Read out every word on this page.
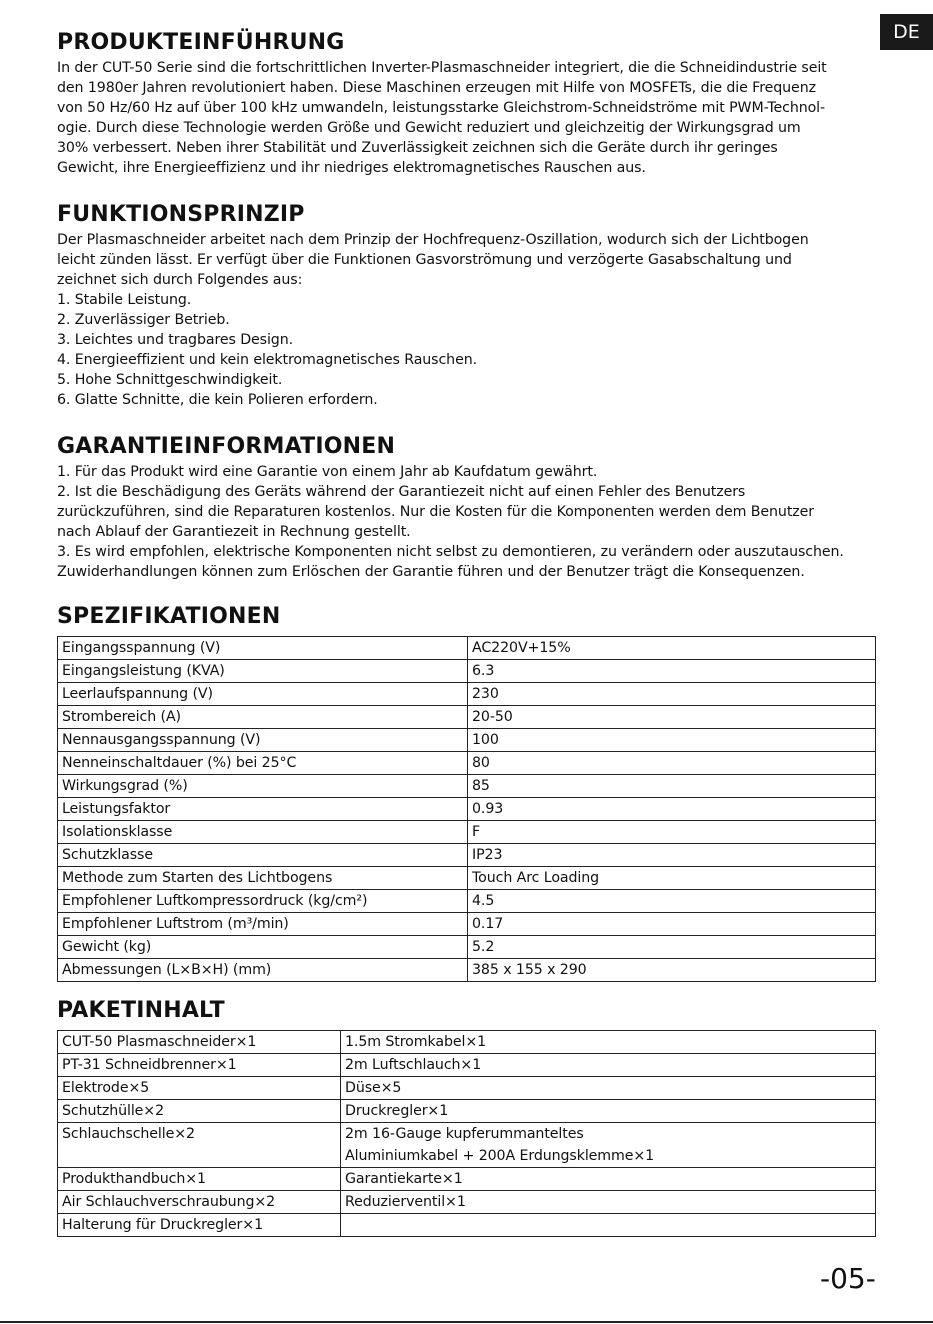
DE
PRODUKTEINFÜHRUNG
In der CUT-50 Serie sind die fortschrittlichen Inverter-Plasmaschneider integriert, die die Schneidindustrie seit
den 1980er Jahren revolutioniert haben. Diese Maschinen erzeugen mit Hilfe von MOSFETs, die die Frequenz
von 50 Hz/60 Hz auf über 100 kHz umwandeln, leistungsstarke Gleichstrom-Schneidströme mit PWM-Technol-
ogie. Durch diese Technologie werden Größe und Gewicht reduziert und gleichzeitig der Wirkungsgrad um
30% verbessert. Neben ihrer Stabilität und Zuverlässigkeit zeichnen sich die Geräte durch ihr geringes
Gewicht, ihre Energieeffizienz und ihr niedriges elektromagnetisches Rauschen aus.
FUNKTIONSPRINZIP
Der Plasmaschneider arbeitet nach dem Prinzip der Hochfrequenz-Oszillation, wodurch sich der Lichtbogen
leicht zünden lässt. Er verfügt über die Funktionen Gasvorströmung und verzögerte Gasabschaltung und
zeichnet sich durch Folgendes aus:
1. Stabile Leistung.
2. Zuverlässiger Betrieb.
3. Leichtes und tragbares Design.
4. Energieeffizient und kein elektromagnetisches Rauschen.
5. Hohe Schnittgeschwindigkeit.
6. Glatte Schnitte, die kein Polieren erfordern.
GARANTIEINFORMATIONEN
1. Für das Produkt wird eine Garantie von einem Jahr ab Kaufdatum gewährt.
2. Ist die Beschädigung des Geräts während der Garantiezeit nicht auf einen Fehler des Benutzers
zurückzuführen, sind die Reparaturen kostenlos. Nur die Kosten für die Komponenten werden dem Benutzer
nach Ablauf der Garantiezeit in Rechnung gestellt.
3. Es wird empfohlen, elektrische Komponenten nicht selbst zu demontieren, zu verändern oder auszutauschen.
Zuwiderhandlungen können zum Erlöschen der Garantie führen und der Benutzer trägt die Konsequenzen.
SPEZIFIKATIONEN
Eingangsspannung (V)	AC220V+15%
Eingangsleistung (KVA)	6.3
Leerlaufspannung (V)	230
Strombereich (A)	20-50
Nennausgangsspannung (V)	100
Nenneinschaltdauer (%) bei 25°C	80
Wirkungsgrad (%)	85
Leistungsfaktor	0.93
Isolationsklasse	F
Schutzklasse	IP23
Methode zum Starten des Lichtbogens	Touch Arc Loading
Empfohlener Luftkompressordruck (kg/cm²)	4.5
Empfohlener Luftstrom (m³/min)	0.17
Gewicht (kg)	5.2
Abmessungen (L×B×H) (mm)	385 x 155 x 290
PAKETINHALT
CUT-50 Plasmaschneider×1	1.5m Stromkabel×1

PT-31 Schneidbrenner×1	2m Luftschlauch×1

Elektrode×5	Düse×5

Schutzhülle×2	Druckregler×1

Schlauchschelle×2	2m 16-Gauge kupferummanteltes
Aluminiumkabel + 200A Erdungsklemme×1

Produkthandbuch×1	Garantiekarte×1

Air Schlauchverschraubung×2	Reduzierventil×1

Halterung für Druckregler×1	
-05-
